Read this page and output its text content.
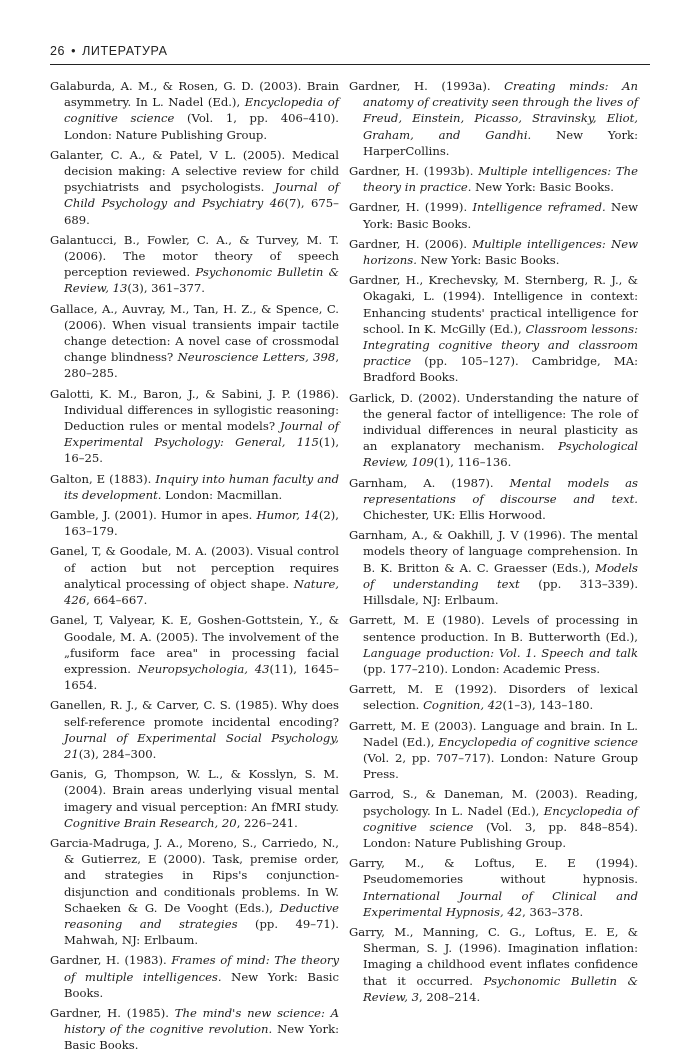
26 • ЛИТЕРАТУРА

Galaburda, A. M., & Rosen, G. D. (2003). Brain asymmetry. In L. Nadel (Ed.), Encyclopedia of cognitive science (Vol. 1, pp. 406–410). London: Nature Publishing Group.

Galanter, C. A., & Patel, V L. (2005). Medical decision making: A selective review for child psychiatrists and psychologists. Journal of Child Psychology and Psychiatry 46(7), 675–689.

Galantucci, B., Fowler, C. A., & Turvey, M. T. (2006). The motor theory of speech perception reviewed. Psychonomic Bulletin & Review, 13(3), 361–377.

Gallace, A., Auvray, M., Tan, H. Z., & Spence, C. (2006). When visual transients impair tactile change detection: A novel case of crossmodal change blindness? Neuroscience Letters, 398, 280–285.

Galotti, K. M., Baron, J., & Sabini, J. P. (1986). Individual differences in syllogistic reasoning: Deduction rules or mental models? Journal of Experimental Psychology: General, 115(1), 16–25.

Galton, E (1883). Inquiry into human faculty and its development. London: Macmillan.

Gamble, J. (2001). Humor in apes. Humor, 14(2), 163–179.

Ganel, T, & Goodale, M. A. (2003). Visual control of action but not perception requires analytical processing of object shape. Nature, 426, 664–667.

Ganel, T, Valyear, K. E, Goshen-Gottstein, Y., & Goodale, M. A. (2005). The involvement of the „fusiform face area" in processing facial expression. Neuropsychologia, 43(11), 1645–1654.

Ganellen, R. J., & Carver, C. S. (1985). Why does self-reference promote incidental encoding? Journal of Experimental Social Psychology, 21(3), 284–300.

Ganis, G, Thompson, W. L., & Kosslyn, S. M. (2004). Brain areas underlying visual mental imagery and visual perception: An fMRI study. Cognitive Brain Research, 20, 226–241.

Garcia-Madruga, J. A., Moreno, S., Carriedo, N., & Gutierrez, E (2000). Task, premise order, and strategies in Rips's conjunction-disjunction and conditionals problems. In W. Schaeken & G. De Vooght (Eds.), Deductive reasoning and strategies (pp. 49–71). Mahwah, NJ: Erlbaum.

Gardner, H. (1983). Frames of mind: The theory of multiple intelligences. New York: Basic Books.

Gardner, H. (1985). The mind's new science: A history of the cognitive revolution. New York: Basic Books.

Gardner, H. (1993a). Creating minds: An anatomy of creativity seen through the lives of Freud, Einstein, Picasso, Stravinsky, Eliot, Graham, and Gandhi. New York: HarperCollins.

Gardner, H. (1993b). Multiple intelligences: The theory in practice. New York: Basic Books.

Gardner, H. (1999). Intelligence reframed. New York: Basic Books.

Gardner, H. (2006). Multiple intelligences: New horizons. New York: Basic Books.

Gardner, H., Krechevsky, M. Sternberg, R. J., & Okagaki, L. (1994). Intelligence in context: Enhancing students' practical intelligence for school. In K. McGilly (Ed.), Classroom lessons: Integrating cognitive theory and classroom practice (pp. 105–127). Cambridge, MA: Bradford Books.

Garlick, D. (2002). Understanding the nature of the general factor of intelligence: The role of individual differences in neural plasticity as an explanatory mechanism. Psychological Review, 109(1), 116–136.

Garnham, A. (1987). Mental models as representations of discourse and text. Chichester, UK: Ellis Horwood.

Garnham, A., & Oakhill, J. V (1996). The mental models theory of language comprehension. In B. K. Britton & A. C. Graesser (Eds.), Models of understanding text (pp. 313–339). Hillsdale, NJ: Erlbaum.

Garrett, M. E (1980). Levels of processing in sentence production. In B. Butterworth (Ed.), Language production: Vol. 1. Speech and talk (pp. 177–210). London: Academic Press.

Garrett, M. E (1992). Disorders of lexical selection. Cognition, 42(1–3), 143–180.

Garrett, M. E (2003). Language and brain. In L. Nadel (Ed.), Encyclopedia of cognitive science (Vol. 2, pp. 707–717). London: Nature Group Press.

Garrod, S., & Daneman, M. (2003). Reading, psychology. In L. Nadel (Ed.), Encyclopedia of cognitive science (Vol. 3, pp. 848–854). London: Nature Publishing Group.

Garry, M., & Loftus, E. E (1994). Pseudomemories without hypnosis. International Journal of Clinical and Experimental Hypnosis, 42, 363–378.

Garry, M., Manning, C. G., Loftus, E. E, & Sherman, S. J. (1996). Imagination inflation: Imaging a childhood event inflates confidence that it occurred. Psychonomic Bulletin & Review, 3, 208–214.
